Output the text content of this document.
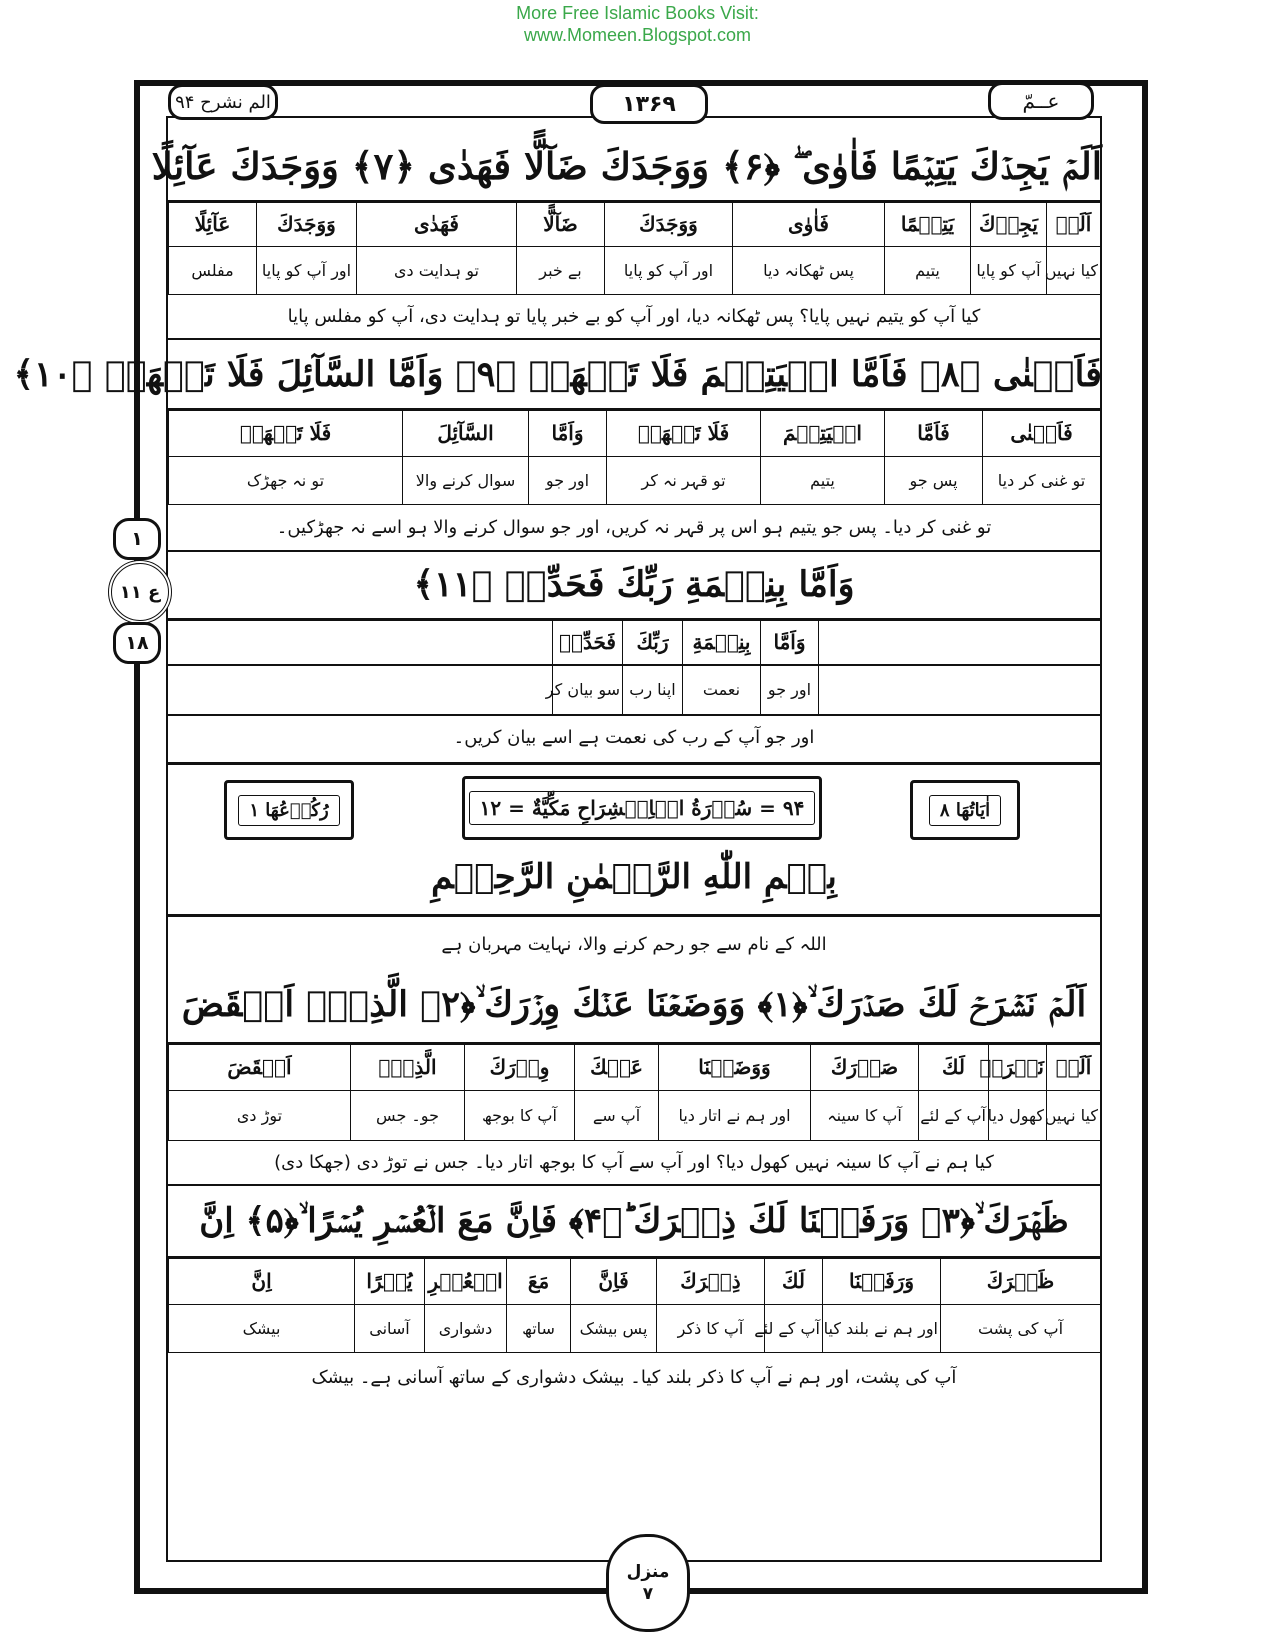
More Free Islamic Books Visit:
www.Momeen.Blogspot.com
۱۳۶۹	عــمّ
الم نشرح ۹۴
۱
ع ۱۱
۱۸
اَلَمۡ يَجِدۡكَ يَتِيۡمًا فَاٰوٰى ۖ ﴿۶﴾ وَوَجَدَكَ ضَآلًّا فَهَدٰى ﴿۷﴾ وَوَجَدَكَ عَآئِلًا
اَلَمۡ	يَجِدۡكَ	يَتِيۡمًا	فَاٰوٰى	وَوَجَدَكَ	ضَآلًّا	فَهَدٰى	وَوَجَدَكَ	عَآئِلًا
کیا نہیں	آپ کو پایا	یتیم	پس ٹھکانہ دیا	اور آپ کو پایا	بے خبر	تو ہدایت دی	اور آپ کو پایا	مفلس
کیا آپ کو یتیم نہیں پایا؟ پس ٹھکانہ دیا، اور آپ کو بے خبر پایا تو ہدایت دی، آپ کو مفلس پایا
فَاَغۡنٰى ﴿۸﴾ فَاَمَّا الۡيَتِيۡمَ فَلَا تَقۡهَرۡ ﴿۹﴾ وَاَمَّا السَّآئِلَ فَلَا تَنۡهَرۡ ﴿۱۰﴾
فَاَغۡنٰى	فَاَمَّا	الۡيَتِيۡمَ	فَلَا تَقۡهَرۡ	وَاَمَّا	السَّآئِلَ	فَلَا تَنۡهَرۡ
تو غنی کر دیا	پس جو	یتیم	تو قہر نہ کر	اور جو	سوال کرنے والا	تو نہ جھڑک
تو غنی کر دیا۔ پس جو یتیم ہو اس پر قہر نہ کریں، اور جو سوال کرنے والا ہو اسے نہ جھڑکیں۔
وَاَمَّا بِنِعۡمَةِ رَبِّكَ فَحَدِّثۡ ﴿۱۱﴾
وَاَمَّا	بِنِعۡمَةِ	رَبِّكَ	فَحَدِّثۡ
اور جو	نعمت	اپنا رب	سو بیان کر
اور جو آپ کے رب کی نعمت ہے اسے بیان کریں۔
اٰيَاتُهَا ۸
۹۴ = سُوۡرَةُ الۡاِنۡشِرَاحِ مَكِّيَّةٌ = ۱۲
رُكُوۡعُهَا ۱
بِسۡمِ اللّٰهِ الرَّحۡمٰنِ الرَّحِيۡمِ
اللہ کے نام سے جو رحم کرنے والا، نہایت مہربان ہے
اَلَمۡ نَشۡرَحۡ لَكَ صَدۡرَكَ ۙ﴿۱﴾ وَوَضَعۡنَا عَنۡكَ وِزۡرَكَ ۙ﴿۲﴾ الَّذِىۡۤ اَنۡقَضَ
اَلَمۡ	نَشۡرَحۡ	لَكَ	صَدۡرَكَ	وَوَضَعۡنَا	عَنۡكَ	وِزۡرَكَ	الَّذِىۡۤ	اَنۡقَضَ
کیا نہیں	کھول دیا	آپ کے لئے	آپ کا سینہ	اور ہم نے اتار دیا	آپ سے	آپ کا بوجھ	جو۔ جس	توڑ دی
کیا ہم نے آپ کا سینہ نہیں کھول دیا؟ اور آپ سے آپ کا بوجھ اتار دیا۔ جس نے توڑ دی (جھکا دی)
ظَهۡرَكَ ۙ﴿۳﴾ وَرَفَعۡنَا لَكَ ذِكۡرَكَ ؕ﴿۴﴾ فَاِنَّ مَعَ الۡعُسۡرِ يُسۡرًا ۙ﴿۵﴾ اِنَّ
ظَهۡرَكَ	وَرَفَعۡنَا	لَكَ	ذِكۡرَكَ	فَاِنَّ	مَعَ	الۡعُسۡرِ	يُسۡرًا	اِنَّ
آپ کی پشت	اور ہم نے بلند کیا	آپ کے لئے	آپ کا ذکر	پس بیشک	ساتھ	دشواری	آسانی	بیشک
آپ کی پشت، اور ہم نے آپ کا ذکر بلند کیا۔ بیشک دشواری کے ساتھ آسانی ہے۔ بیشک
منزل
۷
